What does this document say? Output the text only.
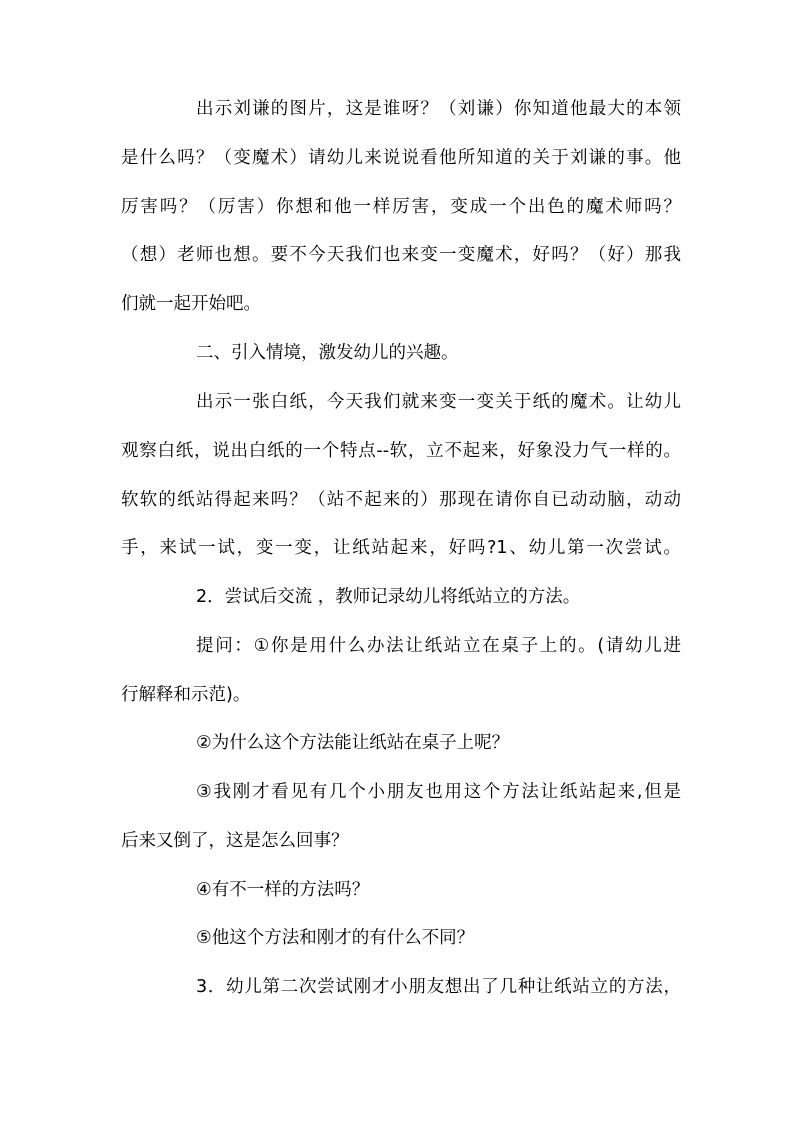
出示刘谦的图片，这是谁呀？（刘谦）你知道他最大的本领
是什么吗？（变魔术）请幼儿来说说看他所知道的关于刘谦的事。他
厉害吗？（厉害）你想和他一样厉害，变成一个出色的魔术师吗？
（想）老师也想。要不今天我们也来变一变魔术，好吗？（好）那我
们就一起开始吧。
二、引入情境，激发幼儿的兴趣。
出示一张白纸，今天我们就来变一变关于纸的魔术。让幼儿
观察白纸，说出白纸的一个特点--软，立不起来，好象没力气一样的。
软软的纸站得起来吗？（站不起来的）那现在请你自已动动脑，动动
手，来试一试，变一变，让纸站起来，好吗?1、幼儿第一次尝试。
2．尝试后交流 ，教师记录幼儿将纸站立的方法。
提问：①你是用什么办法让纸站立在桌子上的。(请幼儿进
行解释和示范)。
②为什么这个方法能让纸站在桌子上呢？
③我刚才看见有几个小朋友也用这个方法让纸站起来,但是
后来又倒了，这是怎么回事？
④有不一样的方法吗？
⑤他这个方法和刚才的有什么不同？
3．幼儿第二次尝试刚才小朋友想出了几种让纸站立的方法，
